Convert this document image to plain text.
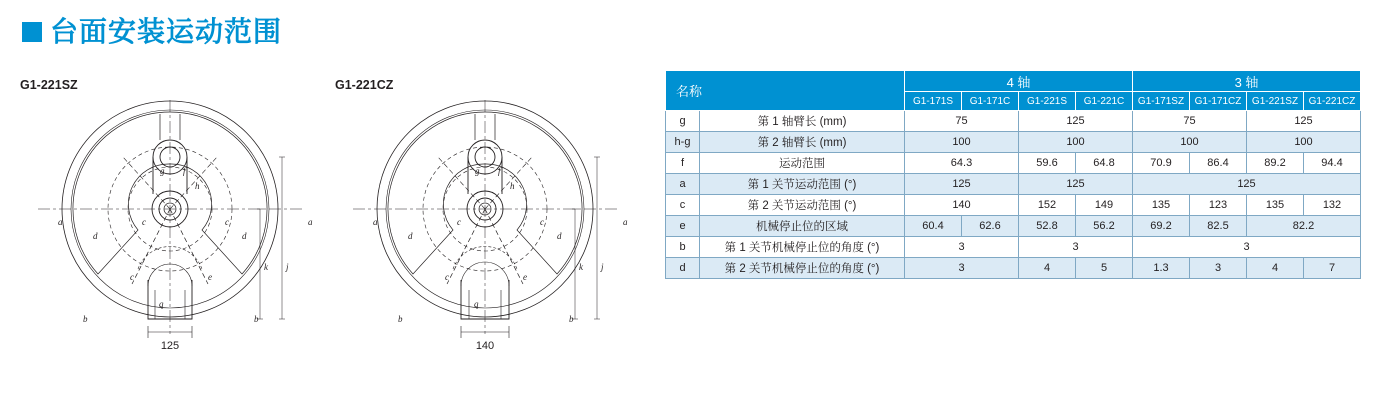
台面安装运动范围
G1-221SZ
a	c	c	a
g f
h
d	d
k j
c	e
b
q
b
125
G1-221CZ
a	c	c	a
g f
h
d	d
k j
c	e
b
q
b
140
名称		4 轴				3 轴			
		G1-171S	G1-171C	G1-221S	G1-221C	G1-171SZ	G1-171CZ	G1-221SZ	G1-221CZ
g	第 1 轴臂长 (mm)	75		125		75		125	
h-g	第 2 轴臂长 (mm)	100		100		100		100	
f	运动范围	64.3		59.6	64.8	70.9	86.4	89.2	94.4
a	第 1 关节运动范围 (°)	125		125		125			
c	第 2 关节运动范围 (°)	140		152	149	135	123	135	132
e	机械停止位的区域	60.4	62.6	52.8	56.2	69.2	82.5	82.2	
b	第 1 关节机械停止位的角度 (°)	3		3		3			
d	第 2 关节机械停止位的角度 (°)	3		4	5	1.3	3	4	7
